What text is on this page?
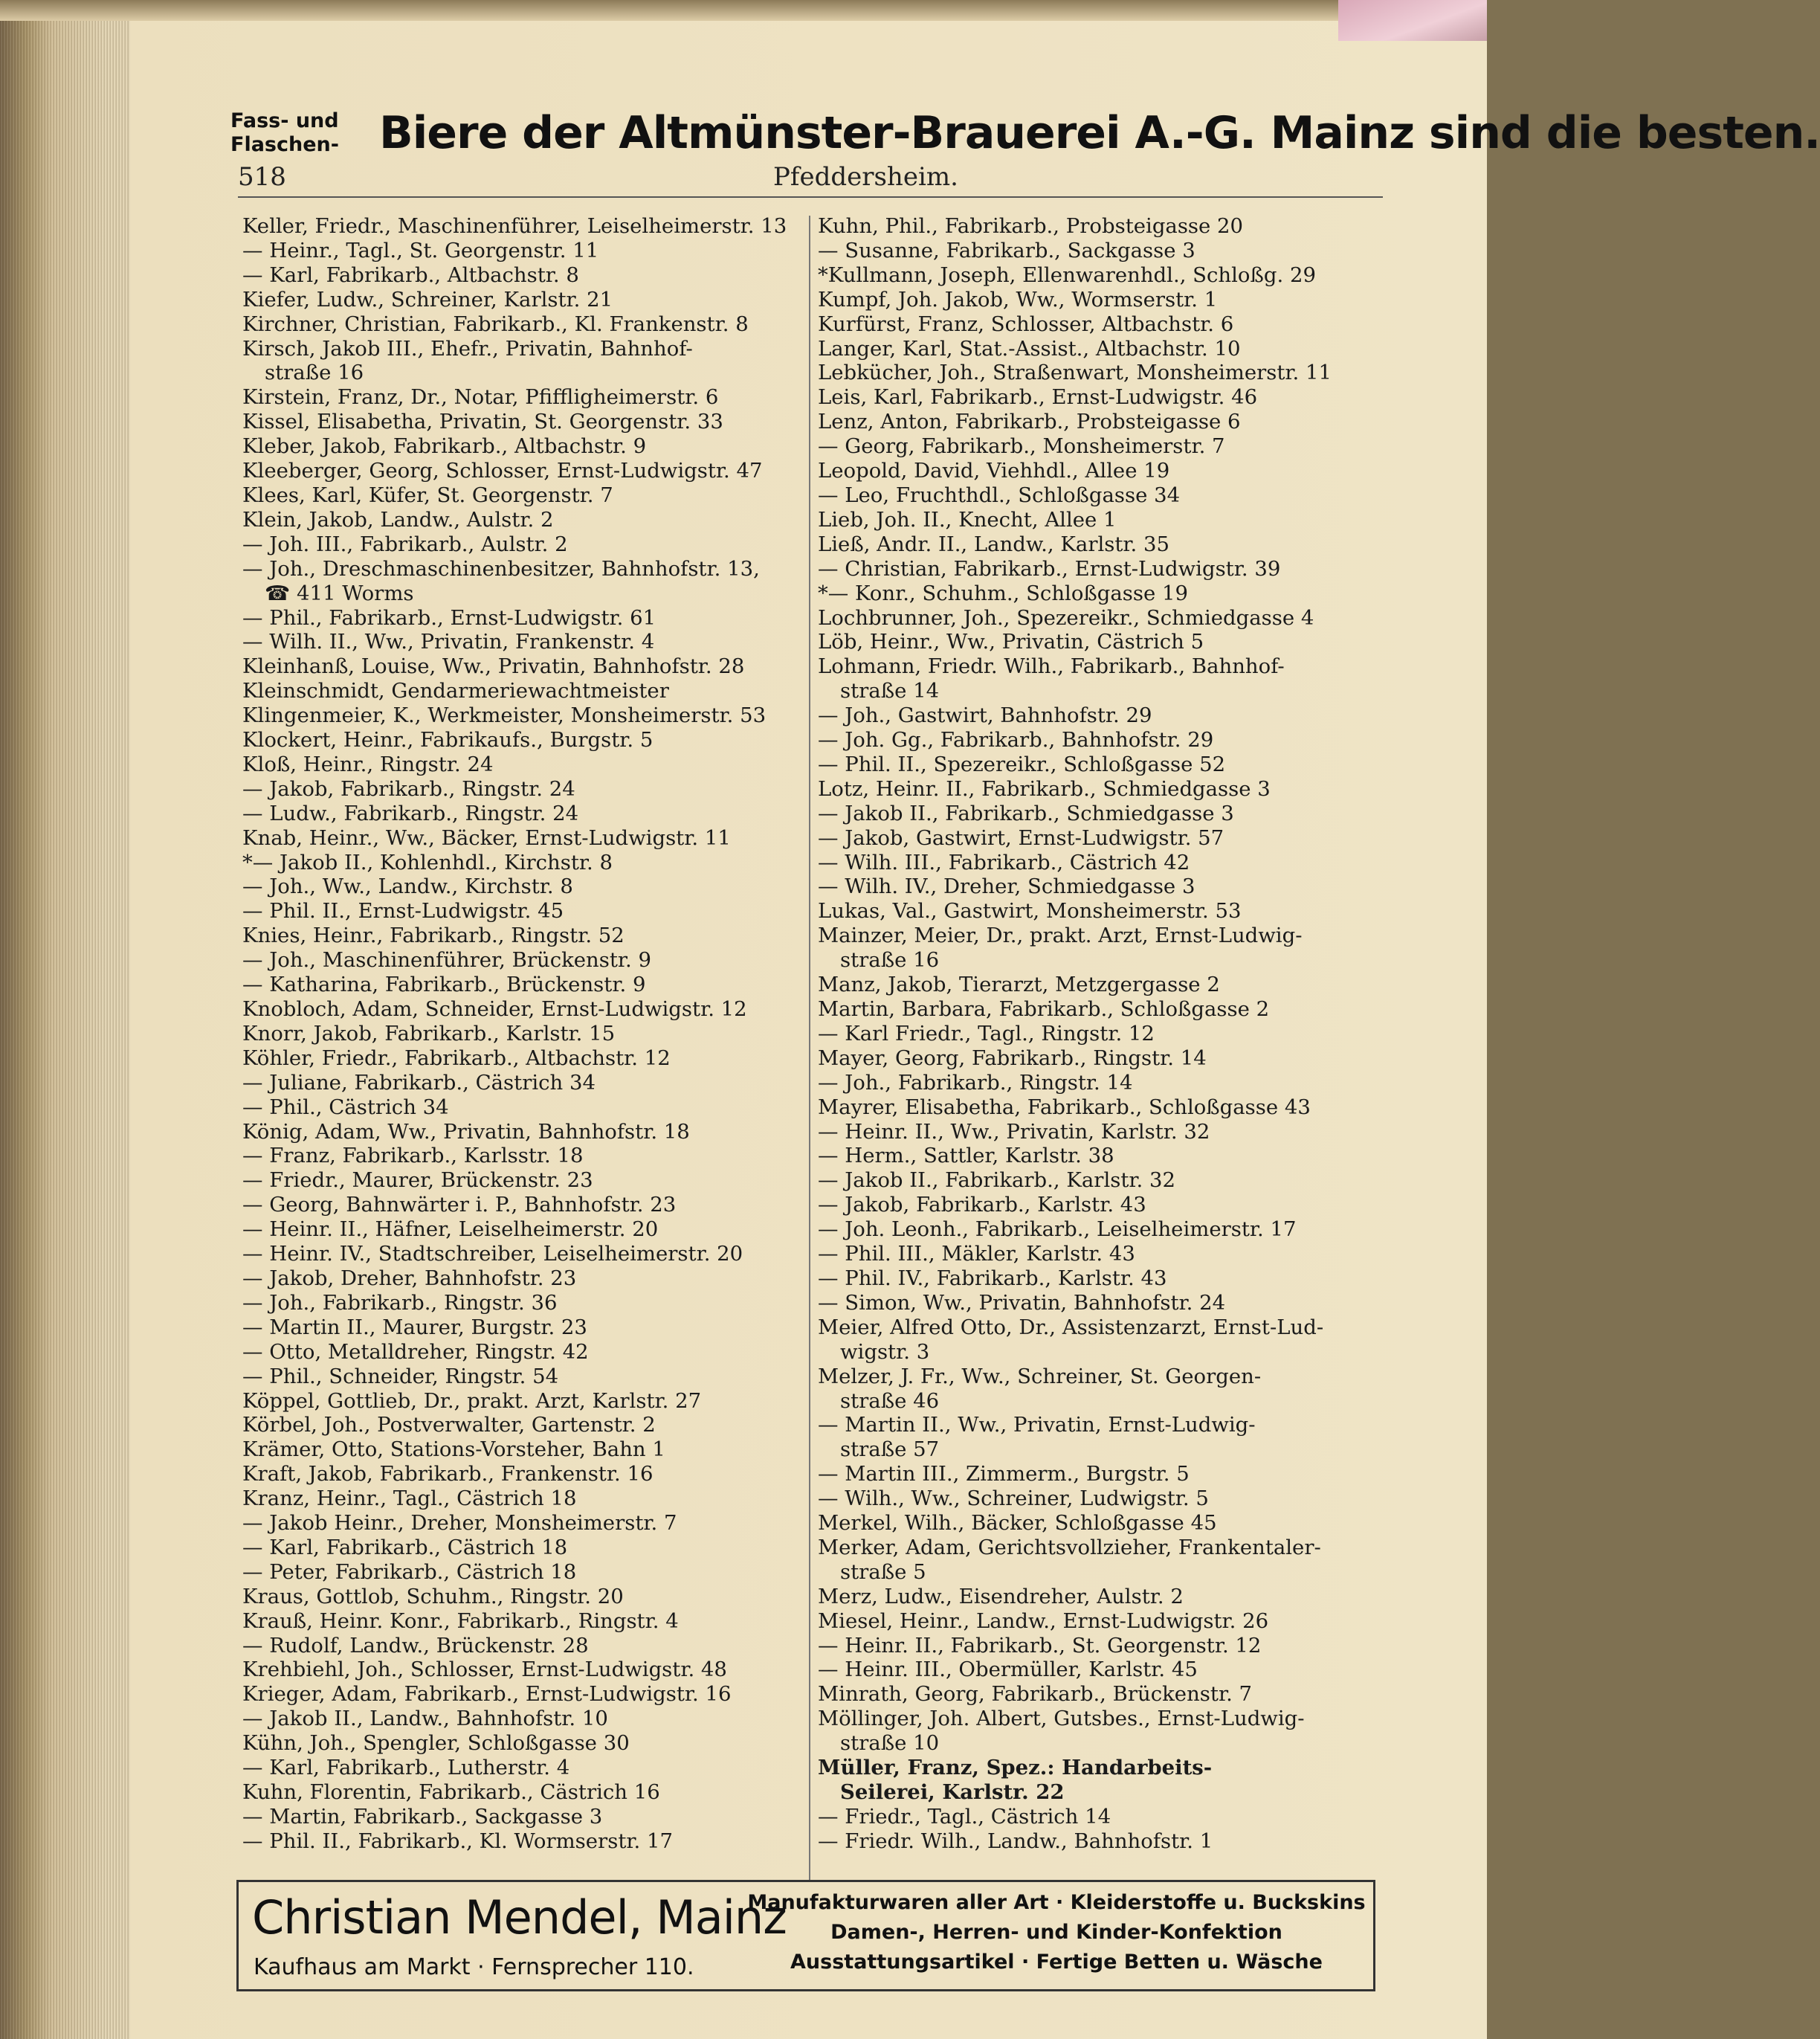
Fass- und
Flaschen- Biere der Altmünster-Brauerei A.-G. Mainz sind die besten.
518	Pfeddersheim.
Keller, Friedr., Maschinenführer, Leiselheimerstr. 13
— Heinr., Tagl., St. Georgenstr. 11
— Karl, Fabrikarb., Altbachstr. 8
Kiefer, Ludw., Schreiner, Karlstr. 21
Kirchner, Christian, Fabrikarb., Kl. Frankenstr. 8
Kirsch, Jakob III., Ehefr., Privatin, Bahnhof-
straße 16
Kirstein, Franz, Dr., Notar, Pfiffligheimerstr. 6
Kissel, Elisabetha, Privatin, St. Georgenstr. 33
Kleber, Jakob, Fabrikarb., Altbachstr. 9
Kleeberger, Georg, Schlosser, Ernst-Ludwigstr. 47
Klees, Karl, Küfer, St. Georgenstr. 7
Klein, Jakob, Landw., Aulstr. 2
— Joh. III., Fabrikarb., Aulstr. 2
— Joh., Dreschmaschinenbesitzer, Bahnhofstr. 13,
☎ 411 Worms
— Phil., Fabrikarb., Ernst-Ludwigstr. 61
— Wilh. II., Ww., Privatin, Frankenstr. 4
Kleinhanß, Louise, Ww., Privatin, Bahnhofstr. 28
Kleinschmidt, Gendarmeriewachtmeister
Klingenmeier, K., Werkmeister, Monsheimerstr. 53
Klockert, Heinr., Fabrikaufs., Burgstr. 5
Kloß, Heinr., Ringstr. 24
— Jakob, Fabrikarb., Ringstr. 24
— Ludw., Fabrikarb., Ringstr. 24
Knab, Heinr., Ww., Bäcker, Ernst-Ludwigstr. 11
*— Jakob II., Kohlenhdl., Kirchstr. 8
— Joh., Ww., Landw., Kirchstr. 8
— Phil. II., Ernst-Ludwigstr. 45
Knies, Heinr., Fabrikarb., Ringstr. 52
— Joh., Maschinenführer, Brückenstr. 9
— Katharina, Fabrikarb., Brückenstr. 9
Knobloch, Adam, Schneider, Ernst-Ludwigstr. 12
Knorr, Jakob, Fabrikarb., Karlstr. 15
Köhler, Friedr., Fabrikarb., Altbachstr. 12
— Juliane, Fabrikarb., Cästrich 34
— Phil., Cästrich 34
König, Adam, Ww., Privatin, Bahnhofstr. 18
— Franz, Fabrikarb., Karlsstr. 18
— Friedr., Maurer, Brückenstr. 23
— Georg, Bahnwärter i. P., Bahnhofstr. 23
— Heinr. II., Häfner, Leiselheimerstr. 20
— Heinr. IV., Stadtschreiber, Leiselheimerstr. 20
— Jakob, Dreher, Bahnhofstr. 23
— Joh., Fabrikarb., Ringstr. 36
— Martin II., Maurer, Burgstr. 23
— Otto, Metalldreher, Ringstr. 42
— Phil., Schneider, Ringstr. 54
Köppel, Gottlieb, Dr., prakt. Arzt, Karlstr. 27
Körbel, Joh., Postverwalter, Gartenstr. 2
Krämer, Otto, Stations-Vorsteher, Bahn 1
Kraft, Jakob, Fabrikarb., Frankenstr. 16
Kranz, Heinr., Tagl., Cästrich 18
— Jakob Heinr., Dreher, Monsheimerstr. 7
— Karl, Fabrikarb., Cästrich 18
— Peter, Fabrikarb., Cästrich 18
Kraus, Gottlob, Schuhm., Ringstr. 20
Krauß, Heinr. Konr., Fabrikarb., Ringstr. 4
— Rudolf, Landw., Brückenstr. 28
Krehbiehl, Joh., Schlosser, Ernst-Ludwigstr. 48
Krieger, Adam, Fabrikarb., Ernst-Ludwigstr. 16
— Jakob II., Landw., Bahnhofstr. 10
Kühn, Joh., Spengler, Schloßgasse 30
— Karl, Fabrikarb., Lutherstr. 4
Kuhn, Florentin, Fabrikarb., Cästrich 16
— Martin, Fabrikarb., Sackgasse 3
— Phil. II., Fabrikarb., Kl. Wormserstr. 17
Kuhn, Phil., Fabrikarb., Probsteigasse 20
— Susanne, Fabrikarb., Sackgasse 3
*Kullmann, Joseph, Ellenwarenhdl., Schloßg. 29
Kumpf, Joh. Jakob, Ww., Wormserstr. 1
Kurfürst, Franz, Schlosser, Altbachstr. 6
Langer, Karl, Stat.-Assist., Altbachstr. 10
Lebkücher, Joh., Straßenwart, Monsheimerstr. 11
Leis, Karl, Fabrikarb., Ernst-Ludwigstr. 46
Lenz, Anton, Fabrikarb., Probsteigasse 6
— Georg, Fabrikarb., Monsheimerstr. 7
Leopold, David, Viehhdl., Allee 19
— Leo, Fruchthdl., Schloßgasse 34
Lieb, Joh. II., Knecht, Allee 1
Ließ, Andr. II., Landw., Karlstr. 35
— Christian, Fabrikarb., Ernst-Ludwigstr. 39
*— Konr., Schuhm., Schloßgasse 19
Lochbrunner, Joh., Spezereikr., Schmiedgasse 4
Löb, Heinr., Ww., Privatin, Cästrich 5
Lohmann, Friedr. Wilh., Fabrikarb., Bahnhof-
straße 14
— Joh., Gastwirt, Bahnhofstr. 29
— Joh. Gg., Fabrikarb., Bahnhofstr. 29
— Phil. II., Spezereikr., Schloßgasse 52
Lotz, Heinr. II., Fabrikarb., Schmiedgasse 3
— Jakob II., Fabrikarb., Schmiedgasse 3
— Jakob, Gastwirt, Ernst-Ludwigstr. 57
— Wilh. III., Fabrikarb., Cästrich 42
— Wilh. IV., Dreher, Schmiedgasse 3
Lukas, Val., Gastwirt, Monsheimerstr. 53
Mainzer, Meier, Dr., prakt. Arzt, Ernst-Ludwig-
straße 16
Manz, Jakob, Tierarzt, Metzgergasse 2
Martin, Barbara, Fabrikarb., Schloßgasse 2
— Karl Friedr., Tagl., Ringstr. 12
Mayer, Georg, Fabrikarb., Ringstr. 14
— Joh., Fabrikarb., Ringstr. 14
Mayrer, Elisabetha, Fabrikarb., Schloßgasse 43
— Heinr. II., Ww., Privatin, Karlstr. 32
— Herm., Sattler, Karlstr. 38
— Jakob II., Fabrikarb., Karlstr. 32
— Jakob, Fabrikarb., Karlstr. 43
— Joh. Leonh., Fabrikarb., Leiselheimerstr. 17
— Phil. III., Mäkler, Karlstr. 43
— Phil. IV., Fabrikarb., Karlstr. 43
— Simon, Ww., Privatin, Bahnhofstr. 24
Meier, Alfred Otto, Dr., Assistenzarzt, Ernst-Lud-
wigstr. 3
Melzer, J. Fr., Ww., Schreiner, St. Georgen-
straße 46
— Martin II., Ww., Privatin, Ernst-Ludwig-
straße 57
— Martin III., Zimmerm., Burgstr. 5
— Wilh., Ww., Schreiner, Ludwigstr. 5
Merkel, Wilh., Bäcker, Schloßgasse 45
Merker, Adam, Gerichtsvollzieher, Frankentaler-
straße 5
Merz, Ludw., Eisendreher, Aulstr. 2
Miesel, Heinr., Landw., Ernst-Ludwigstr. 26
— Heinr. II., Fabrikarb., St. Georgenstr. 12
— Heinr. III., Obermüller, Karlstr. 45
Minrath, Georg, Fabrikarb., Brückenstr. 7
Möllinger, Joh. Albert, Gutsbes., Ernst-Ludwig-
straße 10
Müller, Franz, Spez.: Handarbeits-
Seilerei, Karlstr. 22
— Friedr., Tagl., Cästrich 14
— Friedr. Wilh., Landw., Bahnhofstr. 1
Christian Mendel, Mainz
Kaufhaus am Markt · Fernsprecher 110.
Manufakturwaren aller Art · Kleiderstoffe u. Buckskins
Damen-, Herren- und Kinder-Konfektion
Ausstattungsartikel · Fertige Betten u. Wäsche
